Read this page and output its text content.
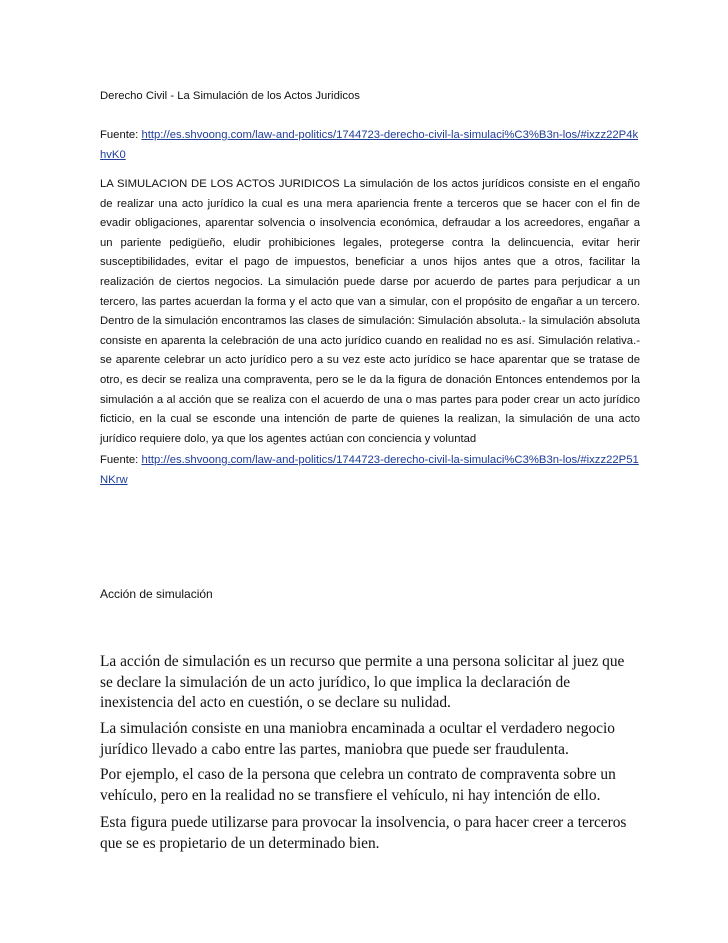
Derecho Civil - La Simulación de los Actos Juridicos

Fuente: http://es.shvoong.com/law-and-politics/1744723-derecho-civil-la-simulaci%C3%B3n-los/#ixzz22P4khvK0

LA SIMULACION DE LOS ACTOS JURIDICOS La simulación de los actos jurídicos consiste en el engaño de realizar una acto jurídico la cual es una mera apariencia frente a terceros que se hacer con el fin de evadir obligaciones, aparentar solvencia o insolvencia económica, defraudar a los acreedores, engañar a un pariente pedigüeño, eludir prohibiciones legales, protegerse contra la delincuencia, evitar herir susceptibilidades, evitar el pago de impuestos, beneficiar a unos hijos antes que a otros, facilitar la realización de ciertos negocios. La simulación puede darse por acuerdo de partes para perjudicar a un tercero, las partes acuerdan la forma y el acto que van a simular, con el propósito de engañar a un tercero. Dentro de la simulación encontramos las clases de simulación: Simulación absoluta.- la simulación absoluta consiste en aparenta la celebración de una acto jurídico cuando en realidad no es así. Simulación relativa.- se aparente celebrar un acto jurídico pero a su vez este acto jurídico se hace aparentar que se tratase de otro, es decir se realiza una compraventa, pero se le da la figura de donación Entonces entendemos por la simulación a al acción que se realiza con el acuerdo de una o mas partes para poder crear un acto jurídico ficticio, en la cual se esconde una intención de parte de quienes la realizan, la simulación de una acto jurídico requiere dolo, ya que los agentes actúan con conciencia y voluntad

Fuente: http://es.shvoong.com/law-and-politics/1744723-derecho-civil-la-simulaci%C3%B3n-los/#ixzz22P51NKrw

Acción de simulación

La acción de simulación es un recurso que permite a una persona solicitar al juez que se declare la simulación de un acto jurídico, lo que implica la declaración de inexistencia del acto en cuestión, o se declare su nulidad.

La simulación consiste en una maniobra encaminada a ocultar el verdadero negocio jurídico llevado a cabo entre las partes, maniobra que puede ser fraudulenta.

Por ejemplo, el caso de la persona que celebra un contrato de compraventa sobre un vehículo, pero en la realidad no se transfiere el vehículo, ni hay intención de ello.

Esta figura puede utilizarse para provocar la insolvencia, o para hacer creer a terceros que se es propietario de un determinado bien.
